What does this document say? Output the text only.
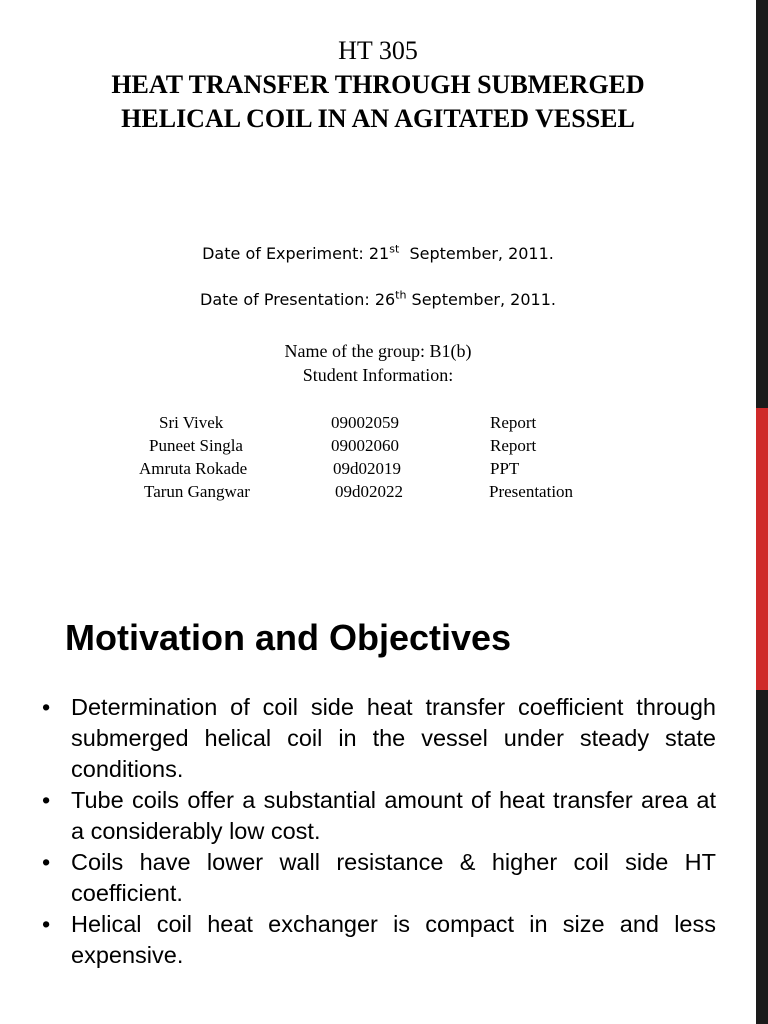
HT 305
HEAT TRANSFER THROUGH SUBMERGED HELICAL COIL IN AN AGITATED VESSEL
Date of Experiment: 21st  September, 2011.
Date of Presentation: 26th September, 2011.
Name of the group: B1(b)
Student Information:
Sri Vivek	09002059	Report
Puneet Singla	09002060	Report
Amruta Rokade	09d02019	PPT
Tarun Gangwar	09d02022	Presentation
Motivation and Objectives
• Determination of coil side heat transfer coefficient through submerged helical coil in the vessel under steady state conditions.
• Tube coils offer a substantial amount of heat transfer area at a considerably low cost.
• Coils have lower wall resistance & higher coil side HT coefficient.
• Helical coil heat exchanger is compact in size and less expensive.
